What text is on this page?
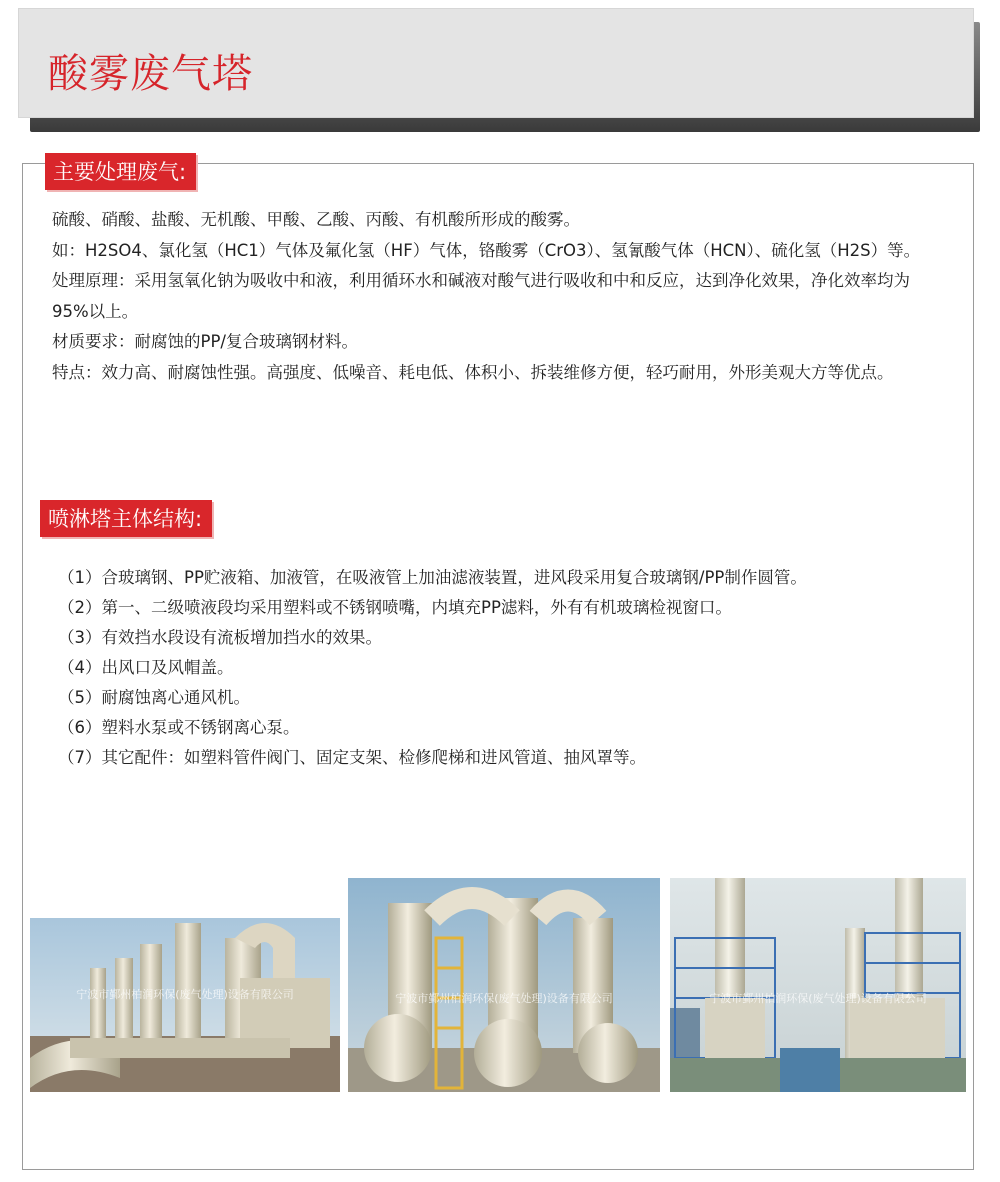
酸雾废气塔
主要处理废气:

硫酸、硝酸、盐酸、无机酸、甲酸、乙酸、丙酸、有机酸所形成的酸雾。

如：H2SO4、氯化氢（HC1）气体及氟化氢（HF）气体，铬酸雾（CrO3）、氢氰酸气体（HCN）、硫化氢（H2S）等。

处理原理：采用氢氧化钠为吸收中和液，利用循环水和碱液对酸气进行吸收和中和反应，达到净化效果，净化效率均为95%以上。

材质要求：耐腐蚀的PP/复合玻璃钢材料。

特点：效力高、耐腐蚀性强。高强度、低噪音、耗电低、体积小、拆装维修方便，轻巧耐用，外形美观大方等优点。

喷淋塔主体结构:

（1）合玻璃钢、PP贮液箱、加液管，在吸液管上加油滤液装置，进风段采用复合玻璃钢/PP制作圆管。

（2）第一、二级喷液段均采用塑料或不锈钢喷嘴，内填充PP滤料，外有有机玻璃检视窗口。

（3）有效挡水段设有流板增加挡水的效果。

（4）出风口及风帽盖。

（5）耐腐蚀离心通风机。

（6）塑料水泵或不锈钢离心泵。

（7）其它配件：如塑料管件阀门、固定支架、检修爬梯和进风管道、抽风罩等。

宁波市鄞州柏润环保(废气处理)设备有限公司	宁波市鄞州柏润环保(废气处理)设备有限公司	宁波市鄞州柏润环保(废气处理)设备有限公司
